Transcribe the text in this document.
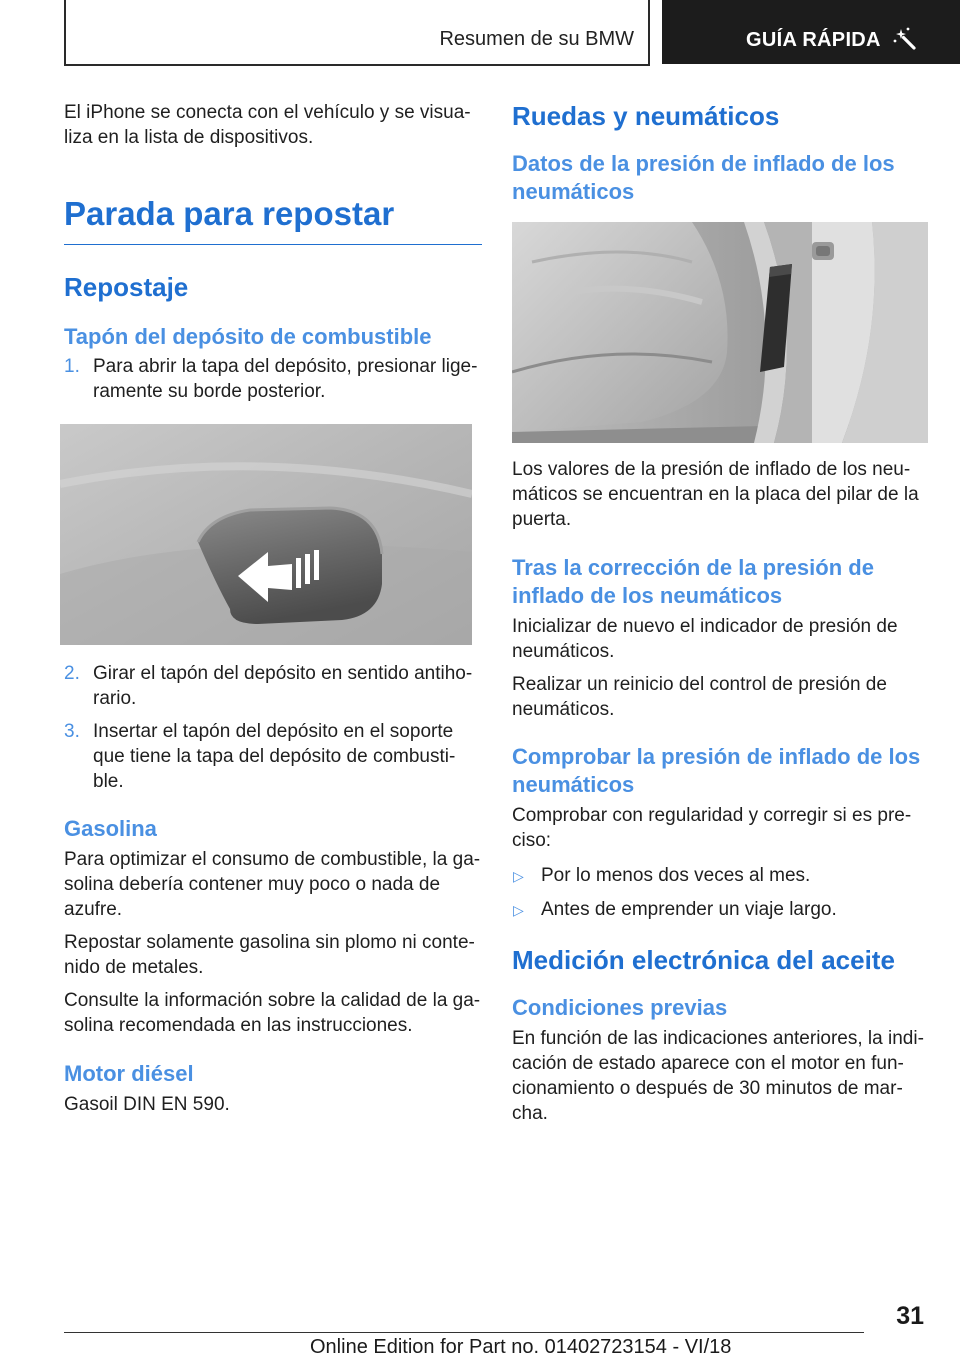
Resumen de su BMW	GUÍA RÁPIDA

El iPhone se conecta con el vehículo y se visua-liza en la lista de dispositivos.

Parada para repostar
Repostaje
Tapón del depósito de combustible
1. Para abrir la tapa del depósito, presionar lige-ramente su borde posterior.
2. Girar el tapón del depósito en sentido antiho-rario.
3. Insertar el tapón del depósito en el soporte que tiene la tapa del depósito de combusti-ble.
Gasolina

Para optimizar el consumo de combustible, la ga-solina debería contener muy poco o nada de azufre.

Repostar solamente gasolina sin plomo ni conte-nido de metales.

Consulte la información sobre la calidad de la ga-solina recomendada en las instrucciones.

Motor diésel

Gasoil DIN EN 590.

Ruedas y neumáticos
Datos de la presión de inflado de los neumáticos

Los valores de la presión de inflado de los neu-máticos se encuentran en la placa del pilar de la puerta.

Tras la corrección de la presión de inflado de los neumáticos

Inicializar de nuevo el indicador de presión de neumáticos.

Realizar un reinicio del control de presión de neumáticos.

Comprobar la presión de inflado de los neumáticos

Comprobar con regularidad y corregir si es pre-ciso:

▷ Por lo menos dos veces al mes.
▷ Antes de emprender un viaje largo.
Medición electrónica del aceite
Condiciones previas

En función de las indicaciones anteriores, la indi-cación de estado aparece con el motor en fun-cionamiento o después de 30 minutos de mar-cha.

31
Online Edition for Part no. 01402723154 - VI/18
